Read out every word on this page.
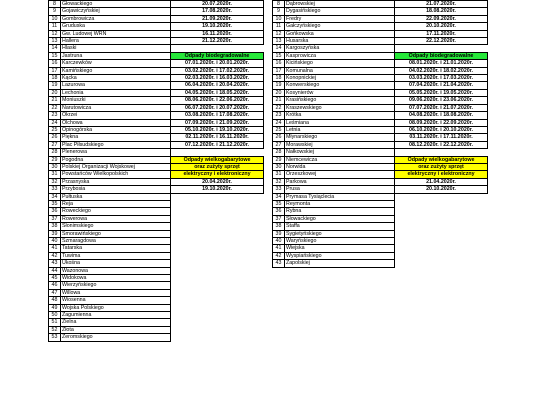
8	Głowackiego	20.07.2020r.
9	Gojawiczyńskiej	17.08.2020r.
10	Gombrowicza	21.09.2020r.
11	Gruduska	19.10.2020r.
12	Gw. Ludowej WRN	16.11.2020r.
13	Hallera	21.12.2020r.
14	Hlaski	
15	Jastruna	Odpady biodegradowalne
16	Karczewków	07.01.2020r. i 20.01.2020r.
17	Kamińskiego	03.02.2020r. i 17.02.2020r.
18	Kącka	02.03.2020r. i 16.03.2020r.
19	Lazurowa	06.04.2020r. i 20.04.2020r.
20	Lechonia	04.05.2020r. i 18.05.2020r.
21	Moniuszki	08.06.2020r. i 22.06.2020r.
22	Narutowicza	06.07.2020r. i 20.07.2020r.
23	Okrzei	03.08.2020r. i 17.08.2020r.
24	Olchowa	07.09.2020r. i 21.09.2020r.
25	Opinogórska	05.10.2020r. i 19.10.2020r.
26	Piękna	02.11.2020r. i 16.11.2020r.
27	Plac Piłsudskiego	07.12.2020r. i 21.12.2020r.
28	Plenerowa	
29	Pogodna	Odpady wielkogabarytowe
30	Polskiej Organizacji Wojskowej	oraz zużyty sprzęt
31	Powstańców Wielkopolskich	elektryczny i elektroniczny
32	Przasnyska	20.04.2020r.
33	Przybosia	19.10.2020r.
34	Pułtuska	
35	Reja	
36	Roweckiego	
37	Rowerowa	
38	Słonimskiego	
39	Smorawińskiego	
40	Szmaragdowa	
41	Tatarska	
42	Tuwima	
43	Ukośna	
44	Wazonowa	
45	Widokowa	
46	Wierzyńskiego	
47	Willowa	
48	Wiosenna	
49	Wojska Polskiego	
50	Zagumienna	
51	Zielna	
52	Złota	
53	Żeromskiego	
8	Dąbrowskiej	21.07.2020r.
9	Dygasińskiego	18.08.2020r.
10	Fredry	22.09.2020r.
11	Gałczyńskiego	20.10.2020r.
12	Gońkowska	17.11.2020r.
13	Husarska	22.12.2020r.
14	Kargoszyńska	
15	Kasprowicza	Odpady biodegradowalne
16	Kicińskiego	08.01.2020r. i 21.01.2020r.
17	Komunalna	04.02.2020r. i 18.02.2020r.
18	Konopnickiej	03.03.2020r. i 17.03.2020r.
19	Konwerskiego	07.04.2020r. i 21.04.2020r.
20	Kosynierów	05.05.2020r. i 19.05.2020r.
21	Krasińskiego	09.06.2020r. i 23.06.2020r.
22	Kraszewskiego	07.07.2020r. i 21.07.2020r.
23	Krótka	04.08.2020r. i 18.08.2020r.
24	Leśmiana	08.09.2020r. i 22.09.2020r.
25	Letnia	06.10.2020r. i 20.10.2020r.
26	Młynarskiego	03.11.2020r. i 17.11.2020r.
27	Morawskiej	08.12.2020r. i 22.12.2020r.
28	Nałkowskiej	
29	Niemcewicza	Odpady wielkogabarytowe
30	Norwida	oraz zużyty sprzęt
31	Orzeszkowej	elektryczny i elektroniczny
32	Parkowa	21.04.2020r.
33	Prusa	20.10.2020r.
34	Prymasa Tysiąclecia	
35	Reymonta	
36	Rybna	
37	Słowackiego	
38	Staffa	
39	Sygietyńskiego	
40	Waryńskiego	
41	Wiejska	
42	Wyspiańskiego	
43	Zapolskiej	
